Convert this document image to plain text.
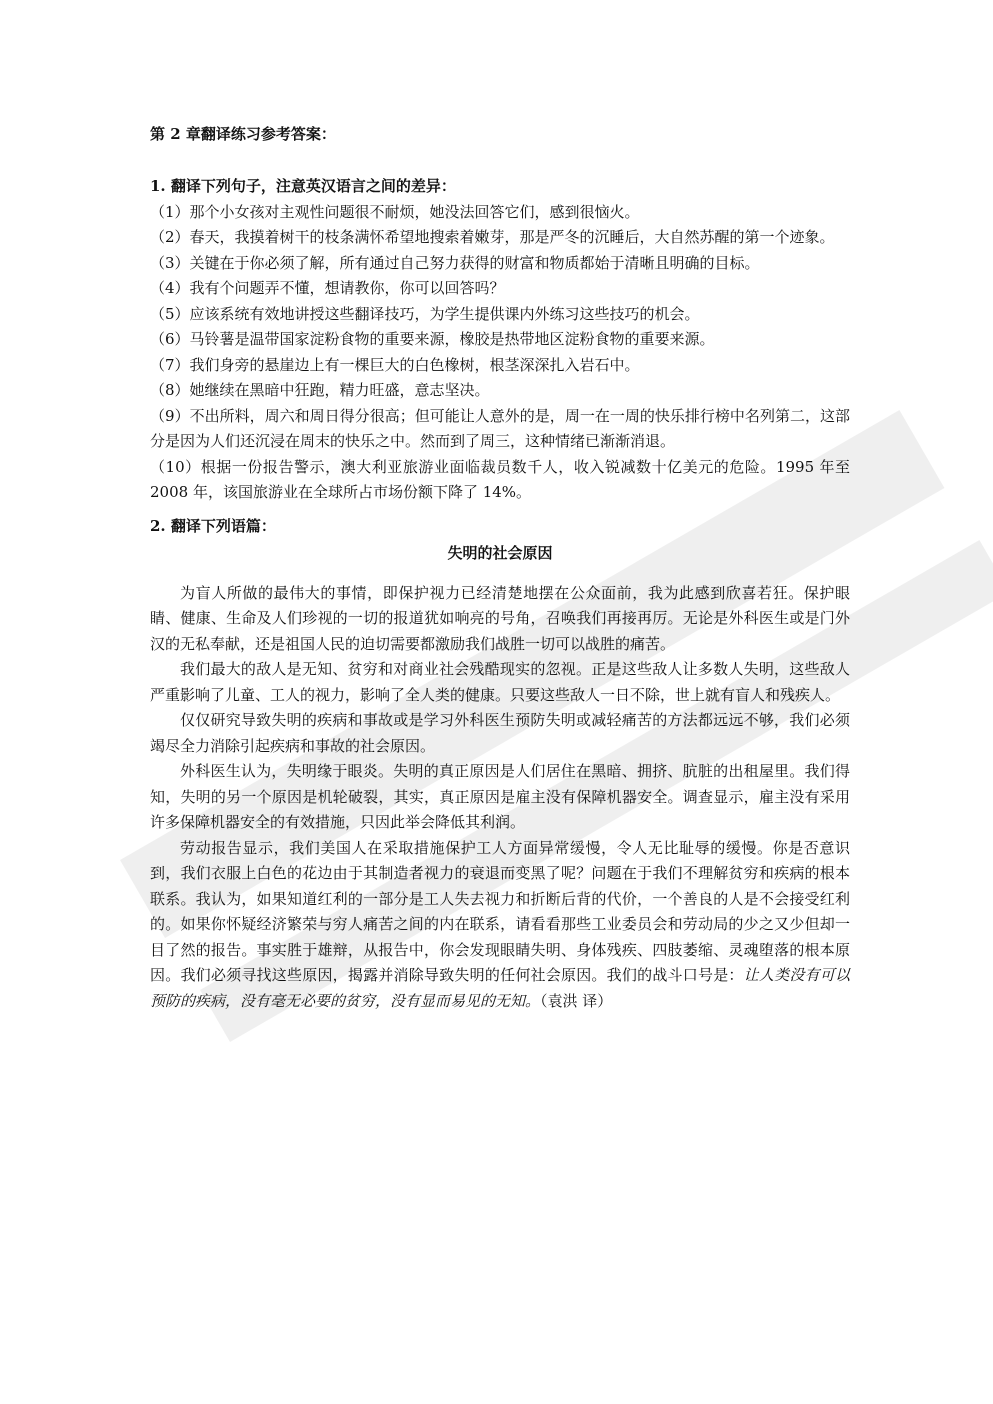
第 2 章翻译练习参考答案：

1. 翻译下列句子，注意英汉语言之间的差异：

（1）那个小女孩对主观性问题很不耐烦，她没法回答它们，感到很恼火。

（2）春天，我摸着树干的枝条满怀希望地搜索着嫩芽，那是严冬的沉睡后，大自然苏醒的第一个迹象。

（3）关键在于你必须了解，所有通过自己努力获得的财富和物质都始于清晰且明确的目标。

（4）我有个问题弄不懂，想请教你，你可以回答吗？

（5）应该系统有效地讲授这些翻译技巧，为学生提供课内外练习这些技巧的机会。

（6）马铃薯是温带国家淀粉食物的重要来源，橡胶是热带地区淀粉食物的重要来源。

（7）我们身旁的悬崖边上有一棵巨大的白色橡树，根茎深深扎入岩石中。

（8）她继续在黑暗中狂跑，精力旺盛，意志坚决。

（9）不出所料，周六和周日得分很高；但可能让人意外的是，周一在一周的快乐排行榜中名列第二，这部分是因为人们还沉浸在周末的快乐之中。然而到了周三，这种情绪已渐渐消退。

（10）根据一份报告警示，澳大利亚旅游业面临裁员数千人，收入锐减数十亿美元的危险。1995 年至 2008 年，该国旅游业在全球所占市场份额下降了 14%。

2. 翻译下列语篇：

失明的社会原因

为盲人所做的最伟大的事情，即保护视力已经清楚地摆在公众面前，我为此感到欣喜若狂。保护眼睛、健康、生命及人们珍视的一切的报道犹如响亮的号角，召唤我们再接再厉。无论是外科医生或是门外汉的无私奉献，还是祖国人民的迫切需要都激励我们战胜一切可以战胜的痛苦。

我们最大的敌人是无知、贫穷和对商业社会残酷现实的忽视。正是这些敌人让多数人失明，这些敌人严重影响了儿童、工人的视力，影响了全人类的健康。只要这些敌人一日不除，世上就有盲人和残疾人。

仅仅研究导致失明的疾病和事故或是学习外科医生预防失明或减轻痛苦的方法都远远不够，我们必须竭尽全力消除引起疾病和事故的社会原因。

外科医生认为，失明缘于眼炎。失明的真正原因是人们居住在黑暗、拥挤、肮脏的出租屋里。我们得知，失明的另一个原因是机轮破裂，其实，真正原因是雇主没有保障机器安全。调查显示，雇主没有采用许多保障机器安全的有效措施，只因此举会降低其利润。

劳动报告显示，我们美国人在采取措施保护工人方面异常缓慢，令人无比耻辱的缓慢。你是否意识到，我们衣服上白色的花边由于其制造者视力的衰退而变黑了呢？问题在于我们不理解贫穷和疾病的根本联系。我认为，如果知道红利的一部分是工人失去视力和折断后背的代价，一个善良的人是不会接受红利的。如果你怀疑经济繁荣与穷人痛苦之间的内在联系，请看看那些工业委员会和劳动局的少之又少但却一目了然的报告。事实胜于雄辩，从报告中，你会发现眼睛失明、身体残疾、四肢萎缩、灵魂堕落的根本原因。我们必须寻找这些原因，揭露并消除导致失明的任何社会原因。我们的战斗口号是：让人类没有可以预防的疾病，没有毫无必要的贫穷，没有显而易见的无知。（袁洪 译）
